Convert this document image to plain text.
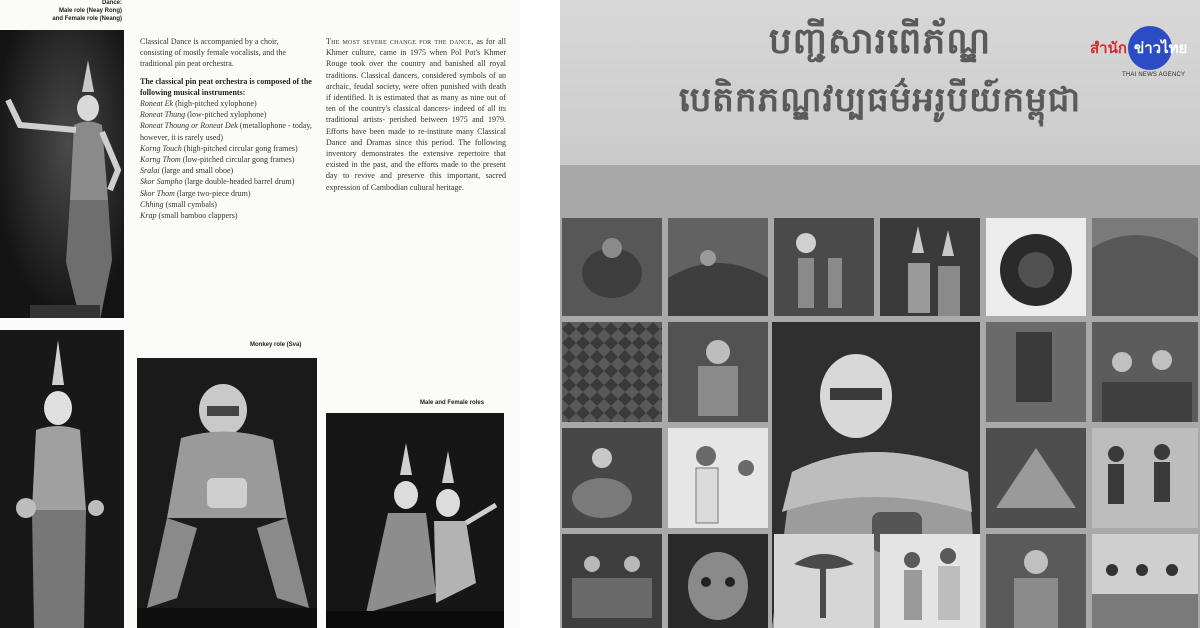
Dance:
Male role (Neay Rong)
and Female role (Neang)

Classical Dance is accompanied by a choir, consisting of mostly female vocalists, and the traditional pin peat orchestra.

The classical pin peat orchestra is composed of the following musical instruments:

Roneat Ek (high-pitched xylophone)

Roneat Thung (low-pitched xylophone)

Roneat Thoung or Roneat Dek (metallophone - today, however, it is rarely used)

Korng Touch (high-pitched circular gong frames)

Korng Thom (low-pitched circular gong frames)

Sralai (large and small oboe)

Skor Sampho (large double-headed barrel drum)

Skor Thom (large two-piece drum)

Chhing (small cymbals)

Krap (small bamboo clappers)

The most severe change for the dance, as for all Khmer culture, came in 1975 when Pol Pot's Khmer Rouge took over the country and banished all royal traditions. Classical dancers, considered symbols of an archaic, feudal society, were often punished with death if identified. It is estimated that as many as nine out of ten of the country's classical dancers- indeed of all its traditional artists- perished between 1975 and 1979. Efforts have been made to re-institute many Classical Dance and Dramas since this period. The following inventory demonstrates the extensive repertoire that existed in the past, and the efforts made to the present day to revive and preserve this important, sacred expression of Cambodian cultural heritage.
Monkey role (Sva)
Male and Female roles
បញ្ជីសារពើភ័ណ្ឌ
បេតិកភណ្ឌវប្បធម៌អរូបីយ៍កម្ពុជា
สำนัก ข่าวไทย
THAI NEWS AGENCY
